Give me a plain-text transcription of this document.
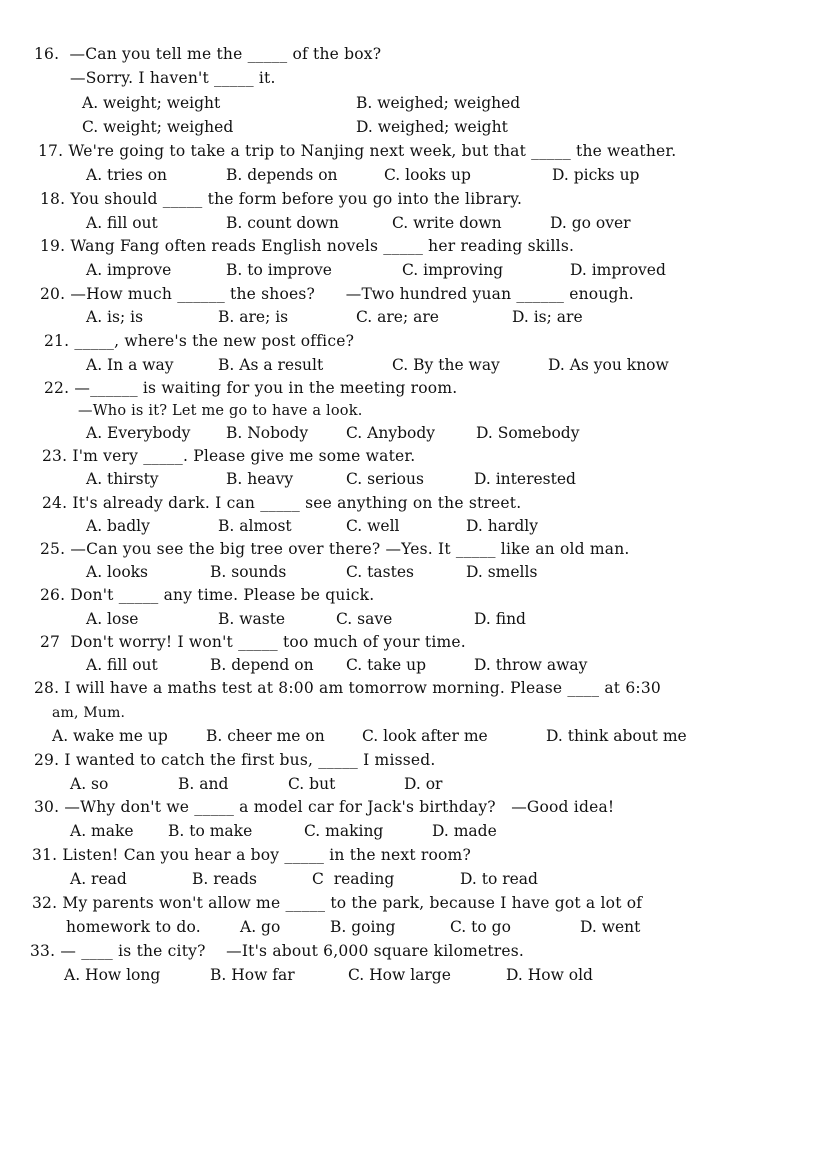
16.  —Can you tell me the _____ of the box?
—Sorry. I haven't _____ it.
A. weight; weight	B. weighed; weighed
C. weight; weighed	D. weighed; weight
17. We're going to take a trip to Nanjing next week, but that _____ the weather.
A. tries on	B. depends on	C. looks up	D. picks up
18. You should _____ the form before you go into the library.
A. fill out	B. count down	C. write down	D. go over
19. Wang Fang often reads English novels _____ her reading skills.
A. improve	B. to improve	C. improving	D. improved
20. —How much ______ the shoes?      —Two hundred yuan ______ enough.
A. is; is	B. are; is	C. are; are	D. is; are
21. _____, where's the new post office?
A. In a way	B. As a result	C. By the way	D. As you know
22. —______ is waiting for you in the meeting room.
—Who is it? Let me go to have a look.
A. Everybody B. Nobody C. Anybody	D. Somebody
23. I'm very _____. Please give me some water.
A. thirsty	B. heavy	C. serious	D. interested
24. It's already dark. I can _____ see anything on the street.
A. badly	B. almost	C. well	D. hardly
25. —Can you see the big tree over there? —Yes. It _____ like an old man.
A. looks	B. sounds	C. tastes	D. smells
26. Don't _____ any time. Please be quick.
A. lose	B. waste	C. save	D. find
27  Don't worry! I won't _____ too much of your time.
A. fill out	B. depend on C. take up	D. throw away
28. I will have a maths test at 8:00 am tomorrow morning. Please ____ at 6:30
am, Mum.
A. wake me up B. cheer me on C. look after me	D. think about me
29. I wanted to catch the first bus, _____ I missed.
A. so	B. and	C. but	D. or
30. —Why don't we _____ a model car for Jack's birthday?   —Good idea!
A. make B. to make	C. making	D. made
31. Listen! Can you hear a boy _____ in the next room?
A. read	B. reads	C  reading	D. to read
32. My parents won't allow me _____ to the park, because I have got a lot of
homework to do.	A. go	B. going	C. to go	D. went
33. — ____ is the city?    —It's about 6,000 square kilometres.
A. How long	B. How far	C. How large	D. How old
